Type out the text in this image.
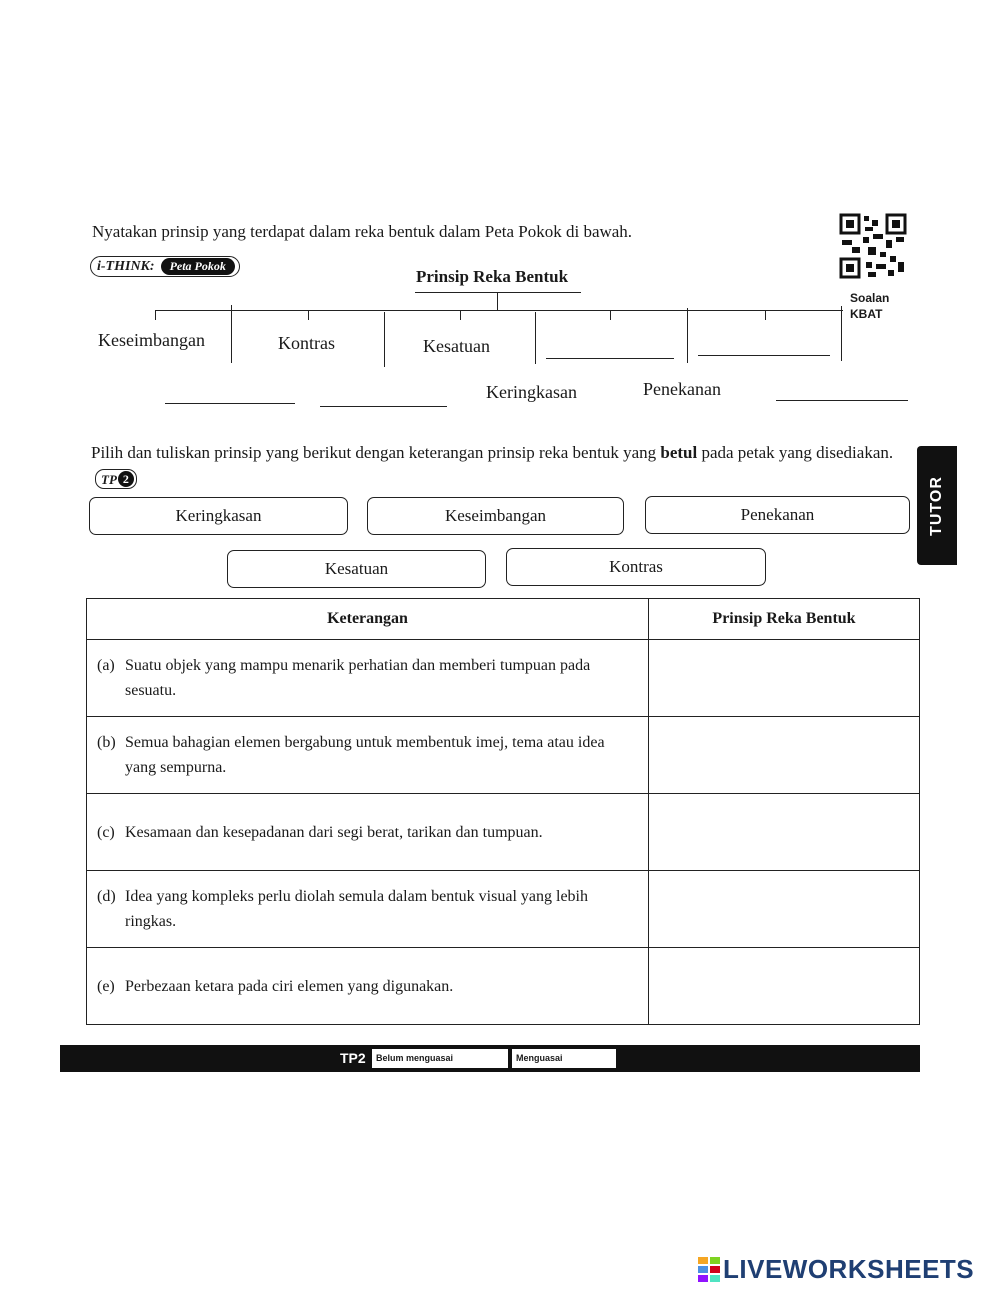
Nyatakan prinsip yang terdapat dalam reka bentuk dalam Peta Pokok di bawah.
i-THINK:	Peta Pokok
Soalan
KBAT
Prinsip Reka Bentuk
Keseimbangan	Kontras	Kesatuan
Keringkasan	Penekanan
Pilih dan tuliskan prinsip yang berikut dengan keterangan prinsip reka bentuk yang betul pada petak yang disediakan.
TP 2
Keringkasan	Keseimbangan	Penekanan
Kesatuan	Kontras
TUTOR
Keterangan	Prinsip Reka Bentuk

(a) Suatu objek yang mampu menarik perhatian dan memberi tumpuan pada sesuatu.	

(b) Semua bahagian elemen bergabung untuk membentuk imej, tema atau idea yang sempurna.	

(c) Kesamaan dan kesepadanan dari segi berat, tarikan dan tumpuan.	

(d) Idea yang kompleks perlu diolah semula dalam bentuk visual yang lebih ringkas.	

(e) Perbezaan ketara pada ciri elemen yang digunakan.	

TP2	Belum menguasai	Menguasai
LIVEWORKSHEETS
